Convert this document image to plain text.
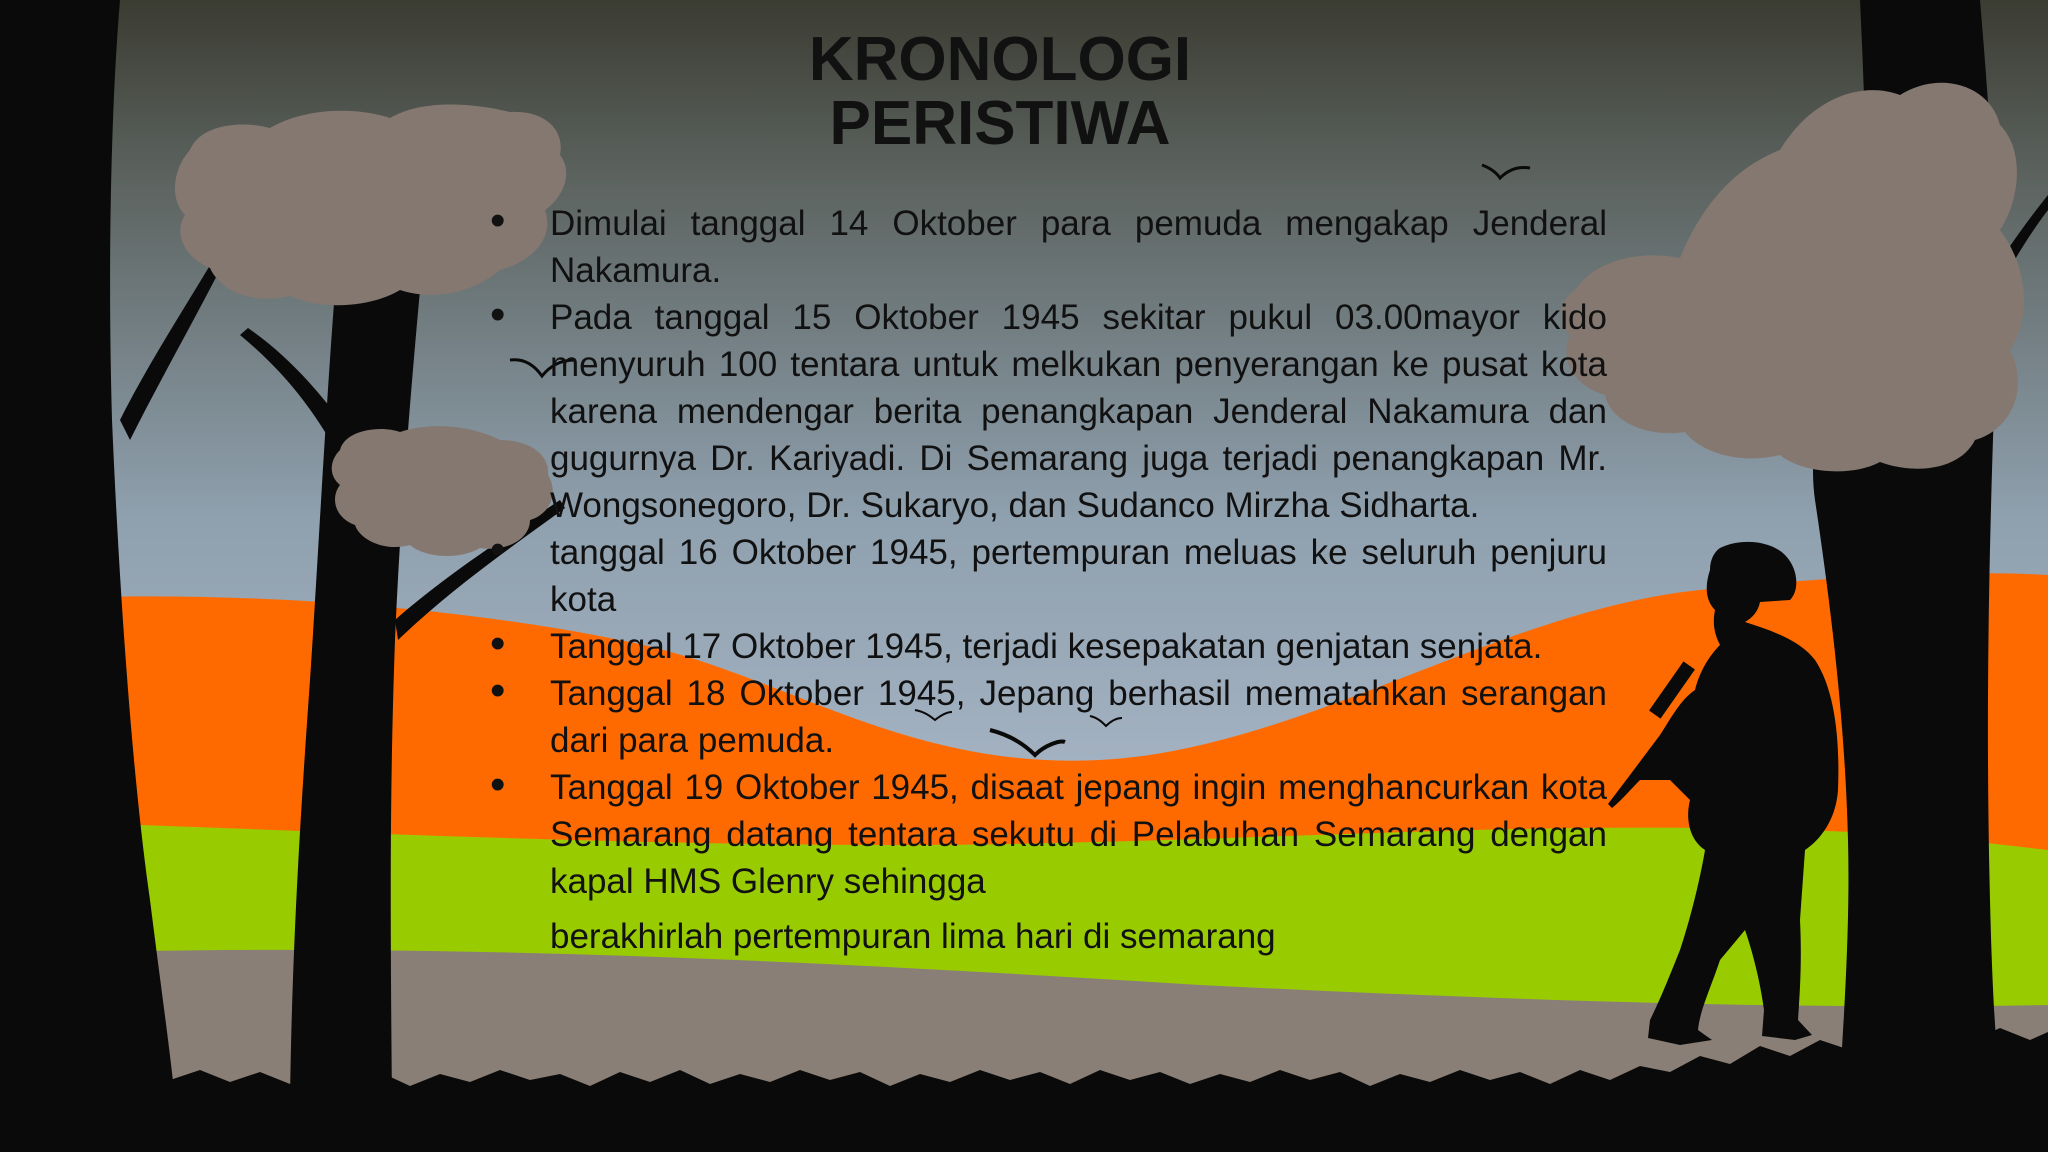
KRONOLOGI
PERISTIWA
• Dimulai tanggal 14 Oktober para pemuda mengakap Jenderal Nakamura.
• Pada tanggal 15 Oktober 1945 sekitar pukul 03.00mayor kido menyuruh 100 tentara untuk melkukan penyerangan ke pusat kota karena mendengar berita penangkapan Jenderal Nakamura dan gugurnya Dr. Kariyadi. Di Semarang juga terjadi penangkapan Mr. Wongsonegoro, Dr. Sukaryo, dan Sudanco Mirzha Sidharta.
• tanggal 16 Oktober 1945, pertempuran meluas ke seluruh penjuru kota
• Tanggal 17 Oktober 1945, terjadi kesepakatan genjatan senjata.
• Tanggal 18 Oktober 1945, Jepang berhasil mematahkan serangan dari para pemuda.
• Tanggal 19 Oktober 1945, disaat jepang ingin menghancurkan kota Semarang datang tentara sekutu di Pelabuhan Semarang dengan kapal HMS Glenry sehingga
berakhirlah pertempuran lima hari di semarang
